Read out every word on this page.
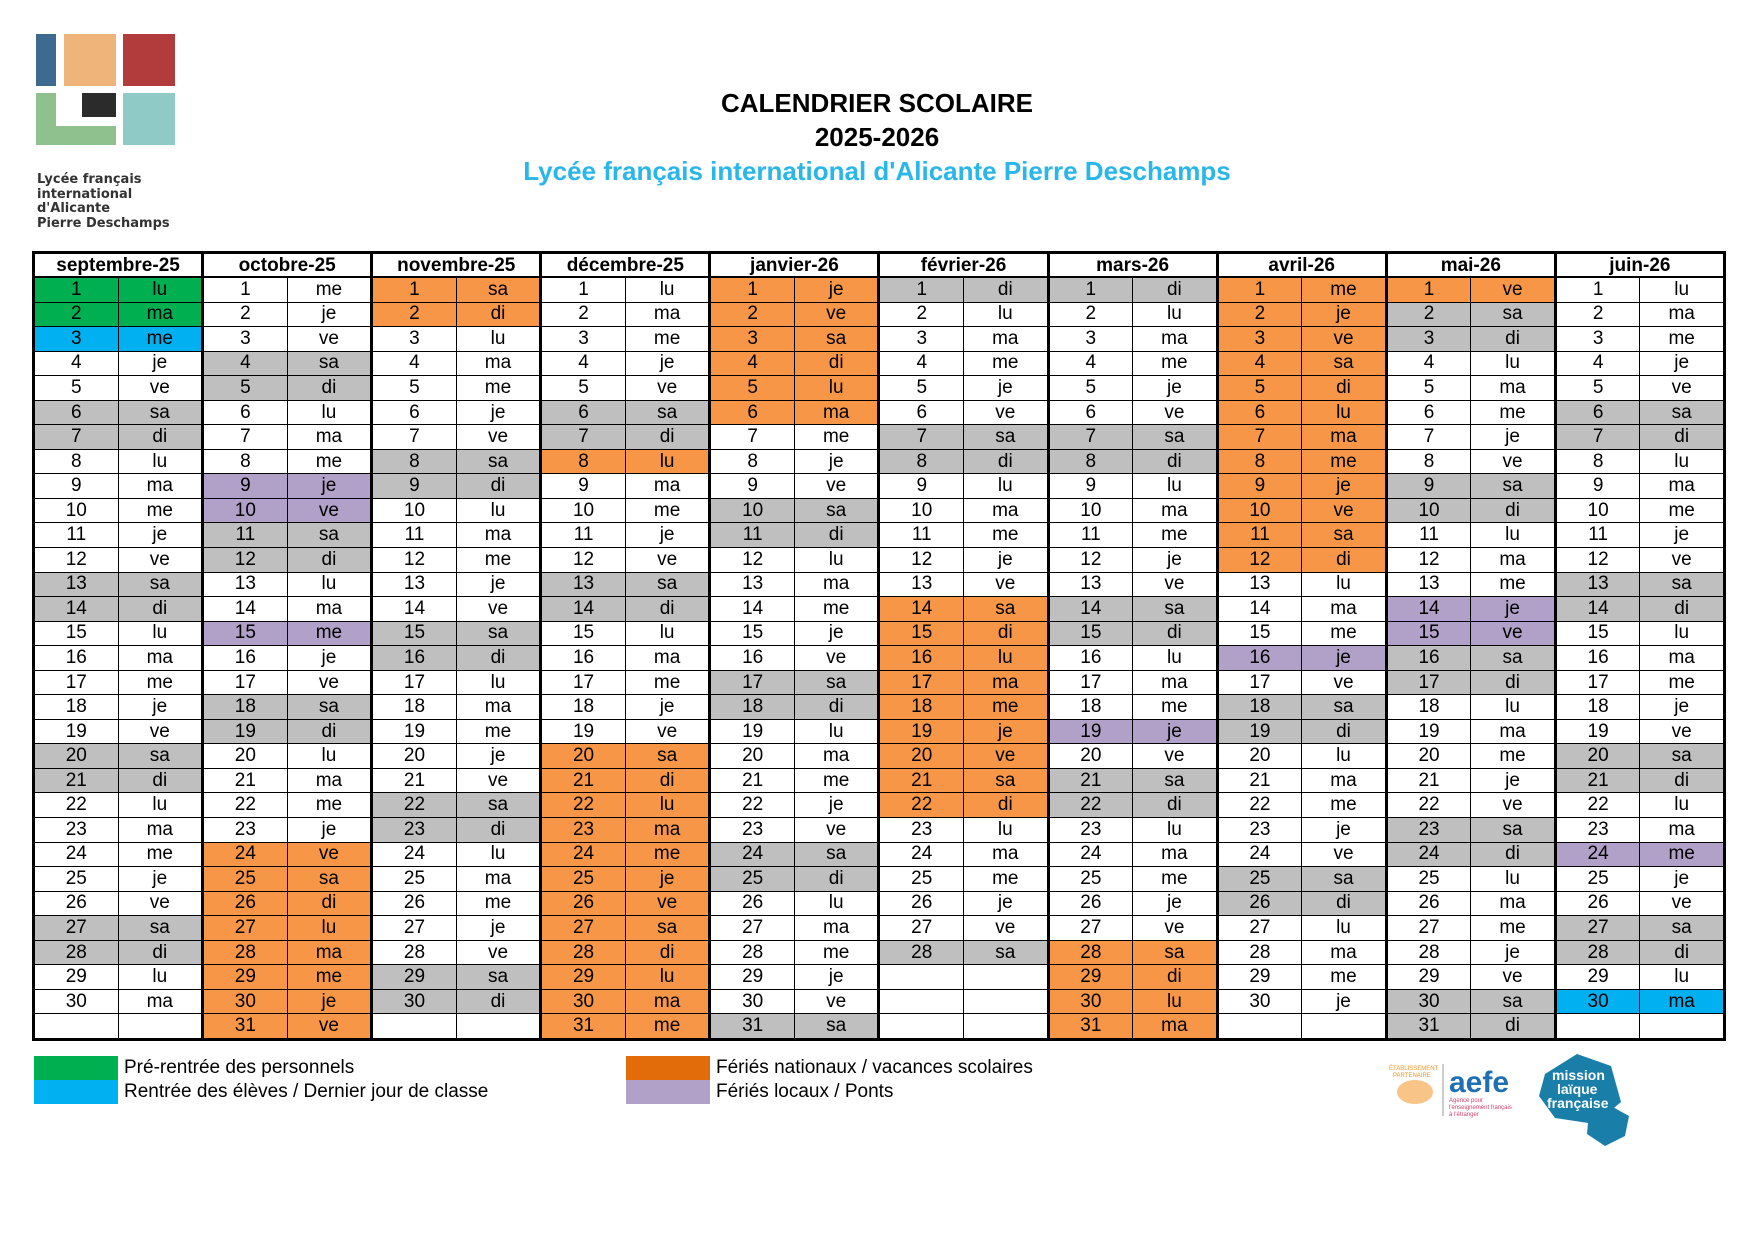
Lycée français
international
d'Alicante
Pierre Deschamps
CALENDRIER SCOLAIRE
2025-2026
Lycée français international d'Alicante Pierre Deschamps
septembre-25
1	lu
2	ma
3	me
4	je
5	ve
6	sa
7	di
8	lu
9	ma
10	me
11	je
12	ve
13	sa
14	di
15	lu
16	ma
17	me
18	je
19	ve
20	sa
21	di
22	lu
23	ma
24	me
25	je
26	ve
27	sa
28	di
29	lu
30	ma
octobre-25
1	me
2	je
3	ve
4	sa
5	di
6	lu
7	ma
8	me
9	je
10	ve
11	sa
12	di
13	lu
14	ma
15	me
16	je
17	ve
18	sa
19	di
20	lu
21	ma
22	me
23	je
24	ve
25	sa
26	di
27	lu
28	ma
29	me
30	je
31	ve
novembre-25
1	sa
2	di
3	lu
4	ma
5	me
6	je
7	ve
8	sa
9	di
10	lu
11	ma
12	me
13	je
14	ve
15	sa
16	di
17	lu
18	ma
19	me
20	je
21	ve
22	sa
23	di
24	lu
25	ma
26	me
27	je
28	ve
29	sa
30	di
décembre-25
1	lu
2	ma
3	me
4	je
5	ve
6	sa
7	di
8	lu
9	ma
10	me
11	je
12	ve
13	sa
14	di
15	lu
16	ma
17	me
18	je
19	ve
20	sa
21	di
22	lu
23	ma
24	me
25	je
26	ve
27	sa
28	di
29	lu
30	ma
31	me
janvier-26
1	je
2	ve
3	sa
4	di
5	lu
6	ma
7	me
8	je
9	ve
10	sa
11	di
12	lu
13	ma
14	me
15	je
16	ve
17	sa
18	di
19	lu
20	ma
21	me
22	je
23	ve
24	sa
25	di
26	lu
27	ma
28	me
29	je
30	ve
31	sa
février-26
1	di
2	lu
3	ma
4	me
5	je
6	ve
7	sa
8	di
9	lu
10	ma
11	me
12	je
13	ve
14	sa
15	di
16	lu
17	ma
18	me
19	je
20	ve
21	sa
22	di
23	lu
24	ma
25	me
26	je
27	ve
28	sa
mars-26
1	di
2	lu
3	ma
4	me
5	je
6	ve
7	sa
8	di
9	lu
10	ma
11	me
12	je
13	ve
14	sa
15	di
16	lu
17	ma
18	me
19	je
20	ve
21	sa
22	di
23	lu
24	ma
25	me
26	je
27	ve
28	sa
29	di
30	lu
31	ma
avril-26
1	me
2	je
3	ve
4	sa
5	di
6	lu
7	ma
8	me
9	je
10	ve
11	sa
12	di
13	lu
14	ma
15	me
16	je
17	ve
18	sa
19	di
20	lu
21	ma
22	me
23	je
24	ve
25	sa
26	di
27	lu
28	ma
29	me
30	je
mai-26
1	ve
2	sa
3	di
4	lu
5	ma
6	me
7	je
8	ve
9	sa
10	di
11	lu
12	ma
13	me
14	je
15	ve
16	sa
17	di
18	lu
19	ma
20	me
21	je
22	ve
23	sa
24	di
25	lu
26	ma
27	me
28	je
29	ve
30	sa
31	di
juin-26
1	lu
2	ma
3	me
4	je
5	ve
6	sa
7	di
8	lu
9	ma
10	me
11	je
12	ve
13	sa
14	di
15	lu
16	ma
17	me
18	je
19	ve
20	sa
21	di
22	lu
23	ma
24	me
25	je
26	ve
27	sa
28	di
29	lu
30	ma
Pré-rentrée des personnels
Rentrée des élèves / Dernier jour de classe
Fériés nationaux / vacances scolaires
Fériés locaux / Ponts
ÉTABLISSEMENT
PARTENAIRE aefe
Agence pour
l'enseignement français
à l'étranger
mission
laïque
française
